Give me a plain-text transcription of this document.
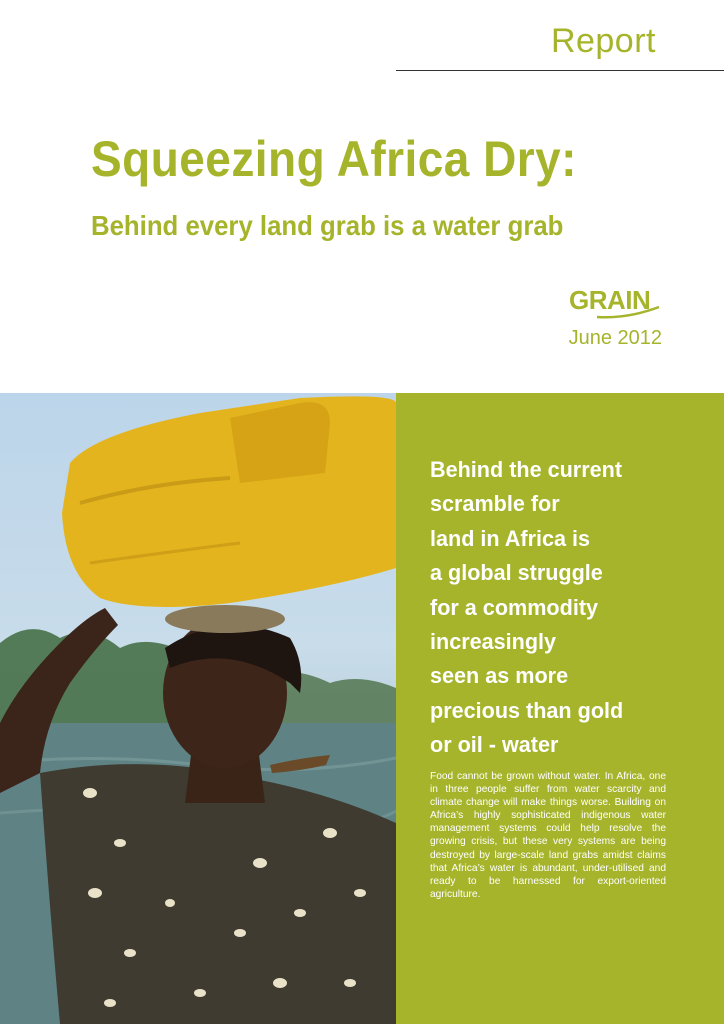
Report
Squeezing Africa Dry:
Behind every land grab is a water grab
GRAIN
June 2012

Behind the current
scramble for
land in Africa is
a global struggle
for a commodity
increasingly
seen as more
precious than gold
or oil - water

Food cannot be grown without water. In Africa, one in three people suffer from water scarcity and climate change will make things worse. Building on Africa’s highly sophisticated indigenous water management systems could help resolve the growing crisis, but these very systems are being destroyed by large-scale land grabs amidst claims that Africa’s water is abundant, under-utilised and ready to be harnessed for export-oriented agriculture.
